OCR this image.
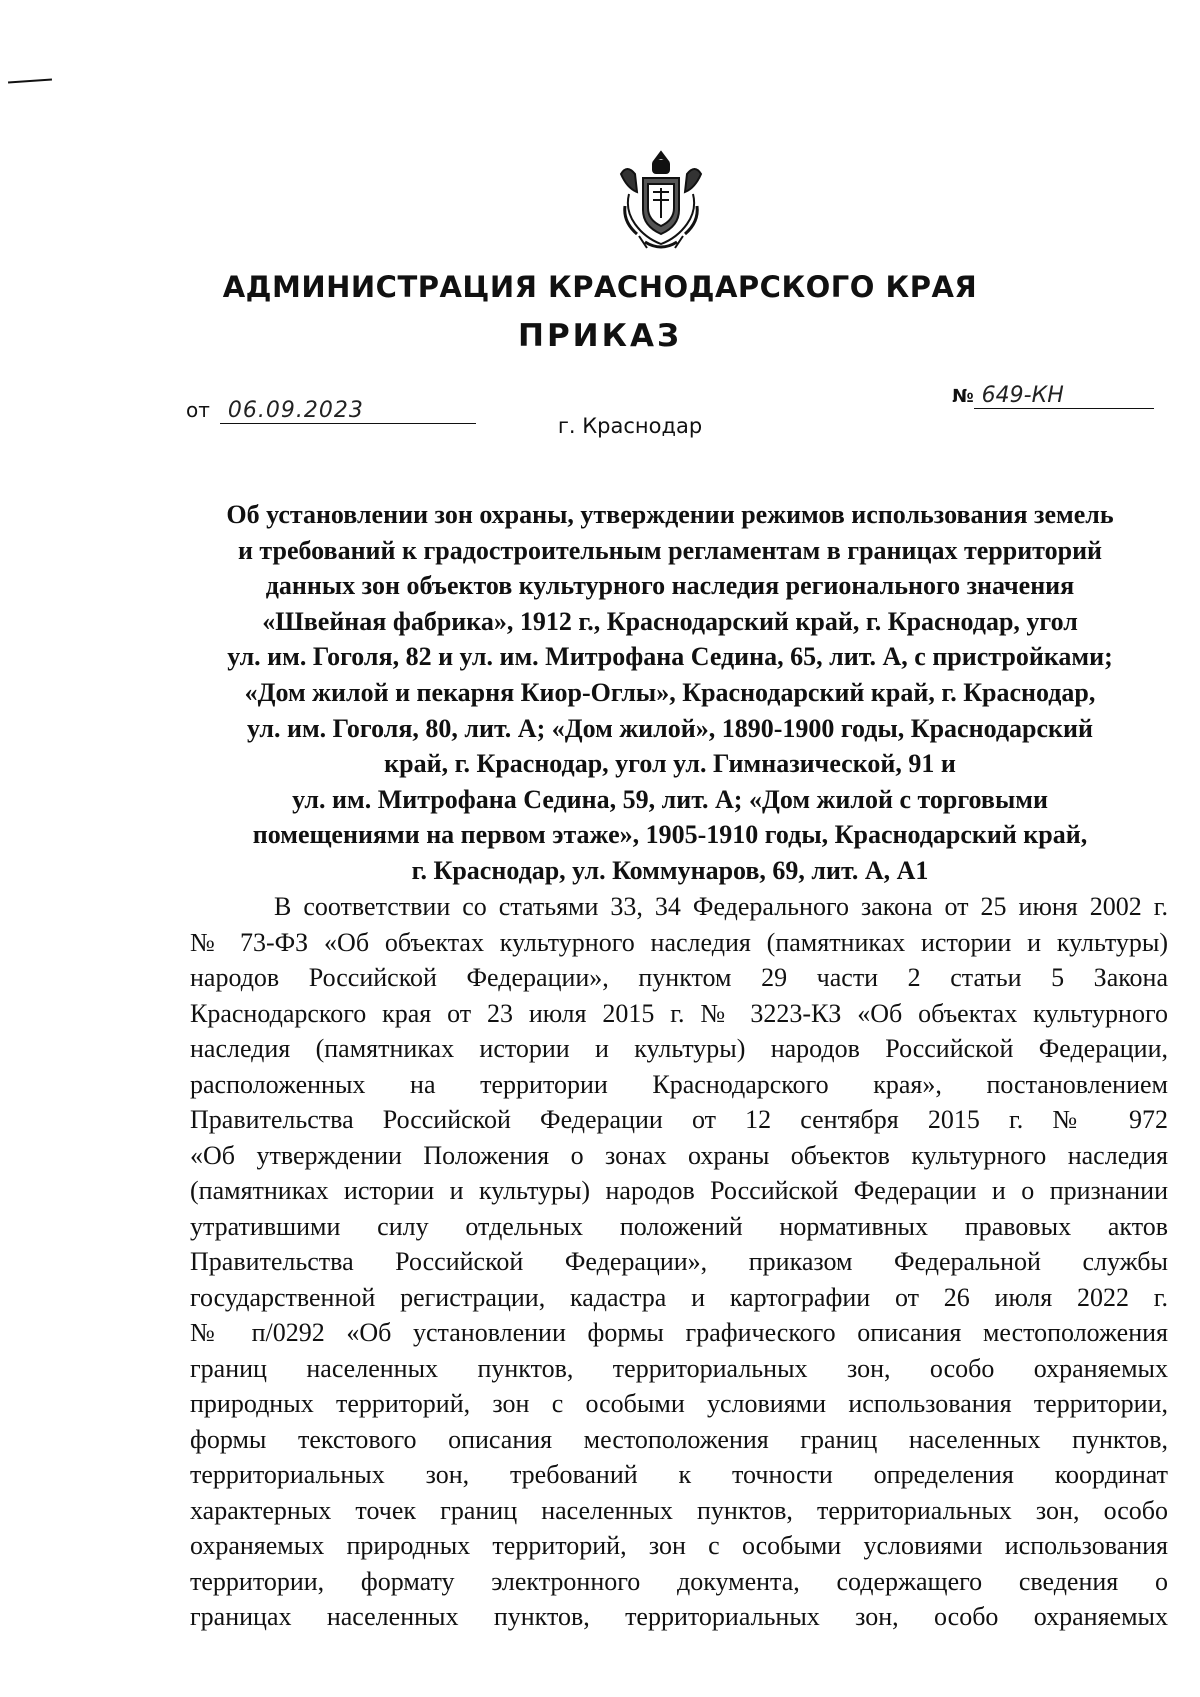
АДМИНИСТРАЦИЯ КРАСНОДАРСКОГО КРАЯ
ПРИКАЗ
от 06.09.2023
№ 649-КН
г. Краснодар
Об установлении зон охраны, утверждении режимов использования земель
и требований к градостроительным регламентам в границах территорий
данных зон объектов культурного наследия регионального значения
«Швейная фабрика», 1912 г., Краснодарский край, г. Краснодар, угол
ул. им. Гоголя, 82 и ул. им. Митрофана Седина, 65, лит. А, с пристройками;
«Дом жилой и пекарня Киор-Оглы», Краснодарский край, г. Краснодар,
ул. им. Гоголя, 80, лит. А; «Дом жилой», 1890-1900 годы, Краснодарский
край, г. Краснодар, угол ул. Гимназической, 91 и
ул. им. Митрофана Седина, 59, лит. А; «Дом жилой с торговыми
помещениями на первом этаже», 1905-1910 годы, Краснодарский край,
г. Краснодар, ул. Коммунаров, 69, лит. А, А1
В соответствии со статьями 33, 34 Федерального закона от 25 июня 2002 г.
№ 73-ФЗ «Об объектах культурного наследия (памятниках истории и культуры)
народов Российской Федерации», пунктом 29 части 2 статьи 5 Закона
Краснодарского края от 23 июля 2015 г. № 3223-КЗ «Об объектах культурного
наследия (памятниках истории и культуры) народов Российской Федерации,
расположенных на территории Краснодарского края», постановлением
Правительства Российской Федерации от 12 сентября 2015 г. № 972
«Об утверждении Положения о зонах охраны объектов культурного наследия
(памятниках истории и культуры) народов Российской Федерации и о признании
утратившими силу отдельных положений нормативных правовых актов
Правительства Российской Федерации», приказом Федеральной службы
государственной регистрации, кадастра и картографии от 26 июля 2022 г.
№ п/0292 «Об установлении формы графического описания местоположения
границ населенных пунктов, территориальных зон, особо охраняемых
природных территорий, зон с особыми условиями использования территории,
формы текстового описания местоположения границ населенных пунктов,
территориальных зон, требований к точности определения координат
характерных точек границ населенных пунктов, территориальных зон, особо
охраняемых природных территорий, зон с особыми условиями использования
территории, формату электронного документа, содержащего сведения о
границах населенных пунктов, территориальных зон, особо охраняемых
